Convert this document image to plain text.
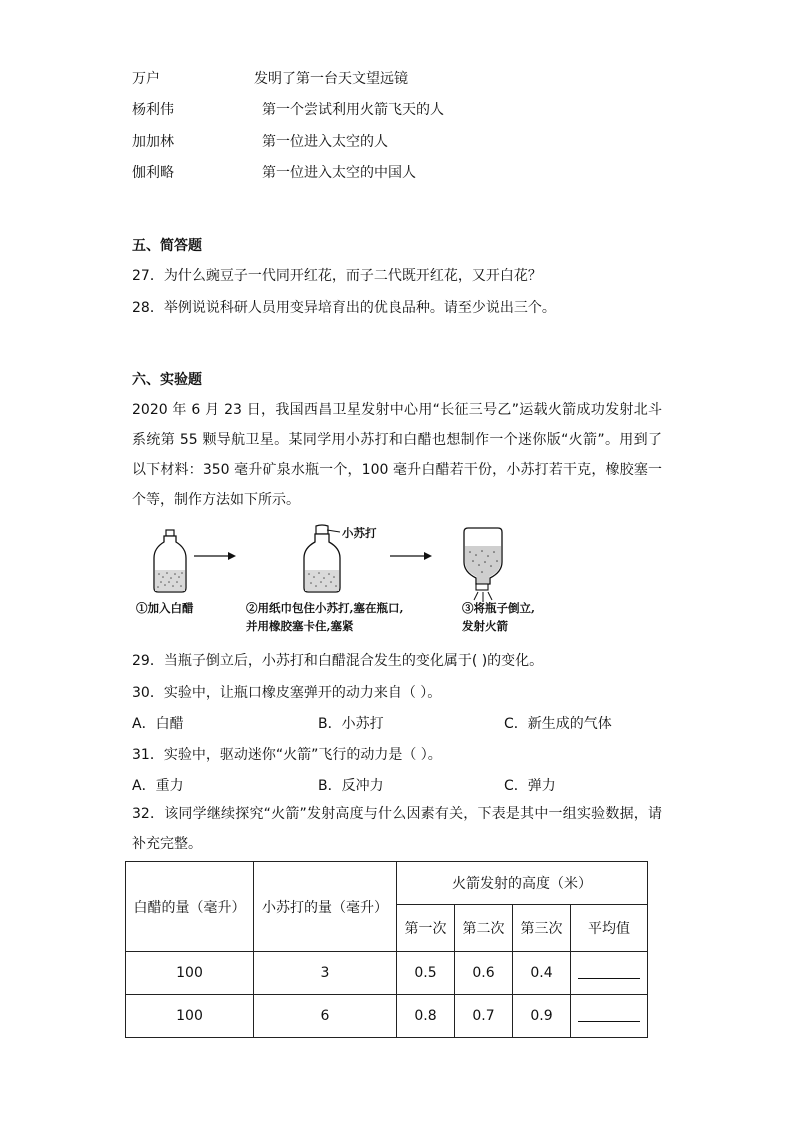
万户	发明了第一台天文望远镜
杨利伟	第一个尝试利用火箭飞天的人
加加林	第一位进入太空的人
伽利略	第一位进入太空的中国人
五、简答题
27．为什么豌豆子一代同开红花，而子二代既开红花，又开白花？
28．举例说说科研人员用变异培育出的优良品种。请至少说出三个。
六、实验题
2020 年 6 月 23 日，我国西昌卫星发射中心用“长征三号乙”运载火箭成功发射北斗系统第 55 颗导航卫星。某同学用小苏打和白醋也想制作一个迷你版“火箭”。用到了以下材料：350 毫升矿泉水瓶一个，100 毫升白醋若干份，小苏打若干克，橡胶塞一个等，制作方法如下所示。
小苏打
①加入白醋	②用纸巾包住小苏打,塞在瓶口,
并用橡胶塞卡住,塞紧
③将瓶子倒立,
发射火箭
29．当瓶子倒立后，小苏打和白醋混合发生的变化属于( )的变化。
30．实验中，让瓶口橡皮塞弹开的动力来自（ ）。
A．白醋	B．小苏打	C．新生成的气体
31．实验中，驱动迷你“火箭”飞行的动力是（ ）。
A．重力	B．反冲力	C．弹力
32．该同学继续探究“火箭”发射高度与什么因素有关，下表是其中一组实验数据，请补充完整。
白醋的量（毫升）	小苏打的量（毫升）	火箭发射的高度（米）			
		第一次	第二次	第三次	平均值
100	3	0.5	0.6	0.4	
100	6	0.8	0.7	0.9	
